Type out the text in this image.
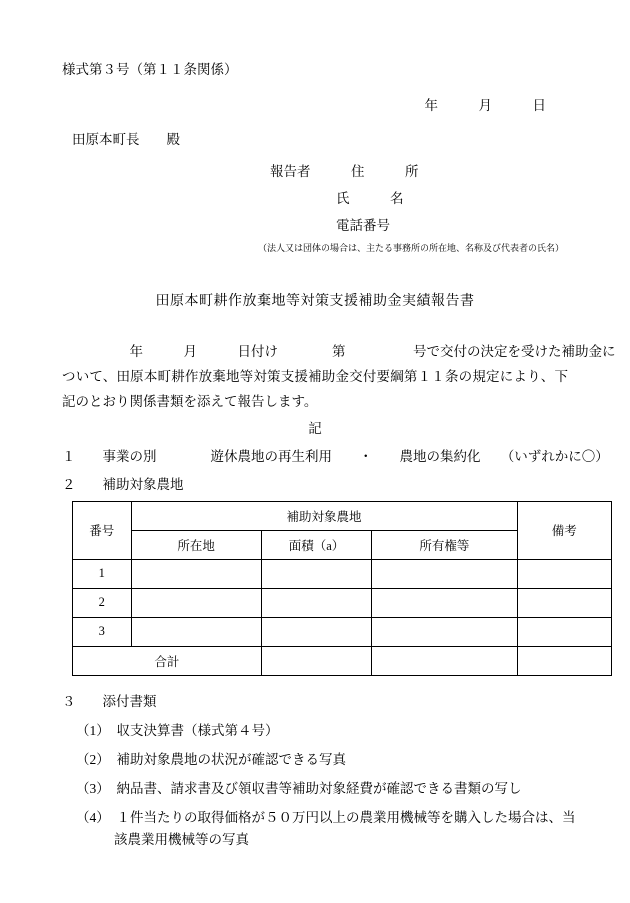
様式第３号（第１１条関係）
年　　　月　　　日
田原本町長　　殿
報告者　　　住　　　所
氏　　　名
電話番号
（法人又は団体の場合は、主たる事務所の所在地、名称及び代表者の氏名）
田原本町耕作放棄地等対策支援補助金実績報告書
　　　　　年　　　月　　　日付け　　　　第　　　　　号で交付の決定を受けた補助金について、田原本町耕作放棄地等対策支援補助金交付要綱第１１条の規定により、下記のとおり関係書類を添えて報告します。
記
１　　事業の別　　　　遊休農地の再生利用　　・　　農地の集約化　　（いずれかに〇）
２　　補助対象農地
番号	補助対象農地			備考
	所在地	面積（a）	所有権等	
1				
2				
3				
合計				
３　　添付書類
（1）　収支決算書（様式第４号）
（2）　補助対象農地の状況が確認できる写真
（3）　納品書、請求書及び領収書等補助対象経費が確認できる書類の写し
（4）　１件当たりの取得価格が５０万円以上の農業用機械等を購入した場合は、当
該農業用機械等の写真
